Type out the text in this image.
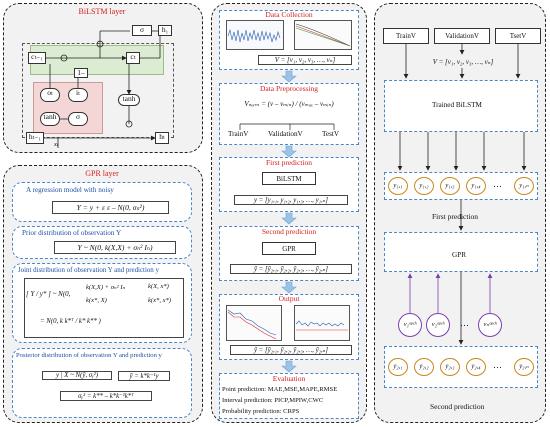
BiLSTM layer
σ	h₁
cₜ₋₁	cₜ
1–
oₜ	iₜ
tanh	σ
tanh
hₜ₋₁	hₜ
xₜ
GPR layer
A regression model with noisy
Y = y + ε ε – N(0, σₙ²)
Prior distribution of observation Y
Y ~ N(0, k(X,X) + σₙ² Iₙ)
Joint distribution of observation Y and prediction y
[ Y / y* ] ~ N(0,
k(X,X) + σₙ² Iₙ	k(X, x*)
k(x*, X)	k(x*, x*)
= N(0, k k*ᵀ / k* k** )
Posterior distribution of observation Y and prediction y
y | X ~ N(ȳ, σᵧ²)	ȳ = k*k⁻¹y
σᵧ² = k** – k*k⁻¹k*ᵀ
Data Collection
V = [v₁, v₂, v₃, …, vₙ]
Data Preprocessing
Vₙₒᵣₘ = (v – vₘᵢₙ) / (vₘₐₓ – vₘᵢₙ)
TrainV	ValidationV	TestV
First prediction
BiLSTM
y = [y₁,₁, y₁,₂, y₁,₃, …, y₁,ₙ]
Second prediction
GPR
ȳ = [ȳ₂,₁, ȳ₂,₂, ȳ₂,₃, …, ȳ₂,ₙ]
Output
ȳ = [ȳ₂,₁, ȳ₂,₂, ȳ₂,₃, …, ȳ₂,ₙ]
Evaluation
Point prediction: MAE,MSE,MAPE,RMSE
Interval prediction: PICP,MPIW,CWC
Probability prediction: CRPS
TrainV	ValidationV	TsetV
V = [v₁, v₂, v₃, …, vₙ]
Trained BiLSTM
y₁,₁	y₁,₂	y₁,₃	y₁,₄	…	y₁,ₙ
First prediction
GPR
v₁ᵒᵖᶜʰ	v₂ᵒᵖᶜʰ	…	vₙᵒᵖᶜʰ
ȳ₂,₁	ȳ₂,₂	ȳ₂,₃	ȳ₂,₄	…	ȳ₂,ₙ
Second prediction
